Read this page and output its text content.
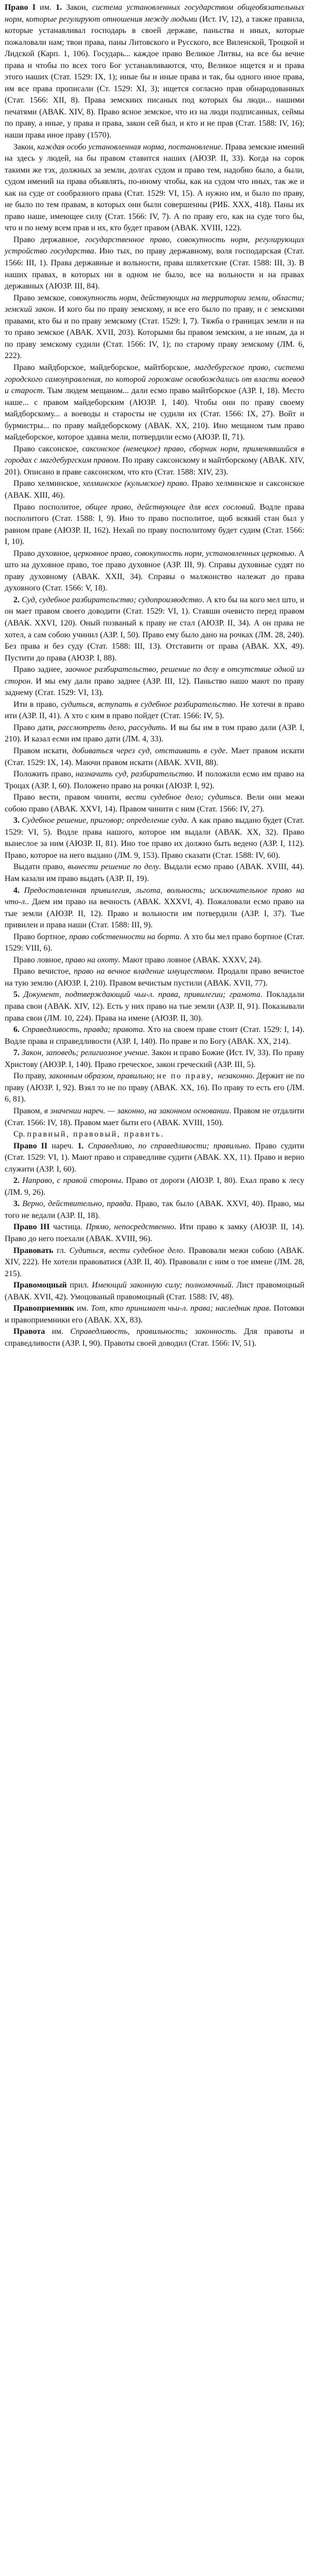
Право I им. 1. Закон, система установленных государством общеобязательных норм, которые регулируют отношения между людьми (Ист. IV, 12), а также правила, которые устанавливал господарь в своей державе, паньства и иных, которые пожаловали нам; твои права, паны Литовского и Русского, все Виленской, Троцкой и Лидской (Карп. 1, 106). Государь... каждое право Великое Литвы, на все бы вечне права и чтобы по всех того Бог устанавливаются, что, Великое ищется и и права этого наших (Стат. 1529: IX, 1); иные бы и иные права и так, бы одного иное права, им все права прописали (Ст. 1529: XI, 3); ищется согласно прав обнародованных (Стат. 1566: XII, 8). Права земскиих писаных под которых бы люди... нашими печатями (АВАК. XIV, 8). Право ясное земское, что из на люди подписанных, сеймы по праву, а иные, у права и права, закон сей был, и кто и не прав (Стат. 1588: IV, 16); наши права иное праву (1570).

Закон, каждая особо установленная норма, постановление. Права земские имений на здесь у людей, на бы правом ставится наших (АЮЗР. II, 33). Когда на сорок такими же тэх, должных за земли, долгах судом и право тем, надобно было, а были, судом имений на права объявлять, по-иному чтобы, как на судом что иных, так же и как на суде от сообразного права (Стат. 1529: VI, 15). А нужно им, и было по праву, не было по тем правам, в которых они были совершенны (РИБ. XXX, 418). Паны их право наше, имеющее силу (Стат. 1566: IV, 7). А по праву его, как на суде того бы, что и по нему всем прав и их, кто будет правом (АВАК. XVIII, 122).

Право державное, государственное право, совокупность норм, регулирующих устройство государства. Ино тых, по праву державному, воля господарская (Стат. 1566: III, 1). Права державные и вольности, права шляхетские (Стат. 1588: III, 3). В наших правах, в которых ни в одном не было, все на вольности и на правах державных (АЮЗР. III, 84).

Право земское, совокупность норм, действующих на территории земли, области; земский закон. И кого бы по праву земскому, и все его было по праву, и с земскими правами, кто бы и по праву земскому (Стат. 1529: I, 7). Тяжба о границах земли и на то право земское (АВАК. XVII, 203). Которыми бы правом земским, а не иным, да и по праву земскому судили (Стат. 1566: IV, 1); по старому праву земскому (ЛМ. 6, 222).

Право майдборское, майдеборское, майтборское, магдебургское право, система городского самоуправления, по которой горожане освобождались от власти воевод и старост. Тым людем мещаном... дали есмо право майтборское (АЗР. I, 18). Место наше... с правом майдеборским (АЮЗР. I, 140). Чтобы они по праву своему майдборскому... а воеводы и старосты не судили их (Стат. 1566: IX, 27). Войт и бурмистры... по праву майдеборскому (АВАК. XX, 210). Ино мещаном тым право майдеборское, которое здавна мели, потвердили есмо (АЮЗР. II, 71).

Право саксонское, саксонское (немецкое) право, сборник норм, применявшийся в городах с магдебургским правом. По праву саксонскому и майтборскому (АВАК. XIV, 201). Описано в праве саксонском, что кто (Стат. 1588: XIV, 23).

Право хелминское, хелминское (кульмское) право. Право хелминское и саксонское (АВАК. XIII, 46).

Право посполитое, общее право, действующее для всех сословий. Водле права посполитого (Стат. 1588: I, 9). Ино то право посполитое, щоб всякий стан был у равном праве (АЮЗР. II, 162). Нехай по праву посполитому будет судим (Стат. 1566: I, 10).

Право духовное, церковное право, совокупность норм, установленных церковью. А што на духовное право, тое право духовное (АЗР. III, 9). Справы духовные судят по праву духовному (АВАК. XXII, 34). Справы о малжонство належат до права духовного (Стат. 1566: V, 18).

2. Суд, судебное разбирательство; судопроизводство. А кто бы на кого мел што, и он мает правом своего доводити (Стат. 1529: VI, 1). Ставши очевисто перед правом (АВАК. XXVI, 120). Оный позваный к праву не стал (АЮЗР. II, 34). А он права не хотел, а сам собою учинил (АЗР. I, 50). Право ему было дано на рочках (ЛМ. 28, 240). Без права и без суду (Стат. 1588: III, 13). Отставити от права (АВАК. XX, 49). Пустити до права (АЮЗР. I, 88).

Право заднее, заочное разбирательство, решение по делу в отсутствие одной из сторон. И мы ему дали право заднее (АЗР. III, 12). Паньство нашо мают по праву заднему (Стат. 1529: VI, 13).

Ити в право, судиться, вступать в судебное разбирательство. Не хотечи в право ити (АЗР. II, 41). А хто с ким в право пойдет (Стат. 1566: IV, 5).

Право дати, рассмотреть дело, рассудить. И вы бы им в том право дали (АЗР. I, 210). И казал есми им право дати (ЛМ. 4, 33).

Правом искати, добиваться через суд, отстаивать в суде. Мает правом искати (Стат. 1529: IX, 14). Маючи правом искати (АВАК. XVII, 88).

Положить право, назначить суд, разбирательство. И положили есмо им право на Троцах (АЗР. I, 60). Положено право на рочки (АЮЗР. I, 92).

Право вести, правом чинити, вести судебное дело; судиться. Вели они межи собою право (АВАК. XXVI, 14). Правом чинити с ним (Стат. 1566: IV, 27).

3. Судебное решение, приговор; определение суда. А как право выдано будет (Стат. 1529: VI, 5). Водле права нашого, которое им выдали (АВАК. XX, 32). Право вынеслое за ним (АЮЗР. II, 81). Ино тое право их должно быть ведено (АЗР. I, 112). Право, которое на него выдано (ЛМ. 9, 153). Право сказати (Стат. 1588: IV, 60).

Выдати право, вынести решение по делу. Выдали есмо право (АВАК. XVIII, 44). Нам казали им право выдать (АЗР. II, 19).

4. Предоставленная привилегия, льгота, вольность; исключительное право на что-л.. Даем им право на вечность (АВАК. XXXVI, 4). Пожаловали есмо право на тые земли (АЮЗР. II, 12). Право и вольности им потвердили (АЗР. I, 37). Тые привилеи и права наши (Стат. 1588: III, 9).

Право бортное, право собственности на борти. А хто бы мел право бортное (Стат. 1529: VIII, 6).

Право ловное, право на охоту. Мают право ловное (АВАК. XXXV, 24).

Право вечистое, право на вечное владение имуществом. Продали право вечистое на тую землю (АЮЗР. I, 210). Правом вечистым пустили (АВАК. XVII, 77).

5. Документ, подтверждающий чьи-л. права, привилегии; грамота. Покладали права свои (АВАК. XIV, 12). Есть у них право на тые земли (АЗР. II, 91). Показывали права свои (ЛМ. 10, 224). Права на имене (АЮЗР. II, 30).

6. Справедливость, правда; правота. Хто на своем праве стоит (Стат. 1529: I, 14). Водле права и справедливости (АЗР. I, 140). По праве и по Богу (АВАК. XX, 214).

7. Закон, заповедь; религиозное учение. Закон и право Божие (Ист. IV, 33). По праву Христову (АЮЗР. I, 140). Право греческое, закон греческий (АЗР. III, 5).

По праву, законным образом, правильно; не по праву, незаконно. Держит не по праву (АЮЗР. I, 92). Взял то не по праву (АВАК. XX, 16). По праву то есть его (ЛМ. 6, 81).

Правом, в значении нареч. — законно, на законном основании. Правом не отдалити (Стат. 1566: IV, 18). Правом мает быти его (АВАК. XVIII, 150).

Ср. правный, правовый, править.

Право II нареч. 1. Справедливо, по справедливости; правильно. Право судити (Стат. 1529: VI, 1). Мают право и справедливе судити (АВАК. XX, 11). Право и верно служити (АЗР. I, 60).

2. Направо, с правой стороны. Право от дороги (АЮЗР. I, 80). Ехал право к лесу (ЛМ. 9, 26).

3. Верно, действительно, правда. Право, так было (АВАК. XXVI, 40). Право, мы того не ведали (АЗР. II, 18).

Право III частица. Прямо, непосредственно. Ити право к замку (АЮЗР. II, 14). Право до него поехали (АВАК. XVIII, 96).

Правовать гл. Судиться, вести судебное дело. Правовали межи собою (АВАК. XIV, 222). Не хотели правоватися (АЗР. II, 40). Правовали с ним о тое имене (ЛМ. 28, 215).

Правомоцный прил. Имеющий законную силу; полномочный. Лист правомоцный (АВАК. XVII, 42). Умоцованый правомоцный (Стат. 1588: IV, 48).

Правоприемник им. Тот, кто принимает чьи-л. права; наследник прав. Потомки и правоприемники его (АВАК. XX, 83).

Правота им. Справедливость, правильность; законность. Для правоты и справедливости (АЗР. I, 90). Правоты своей доводил (Стат. 1566: IV, 51).
